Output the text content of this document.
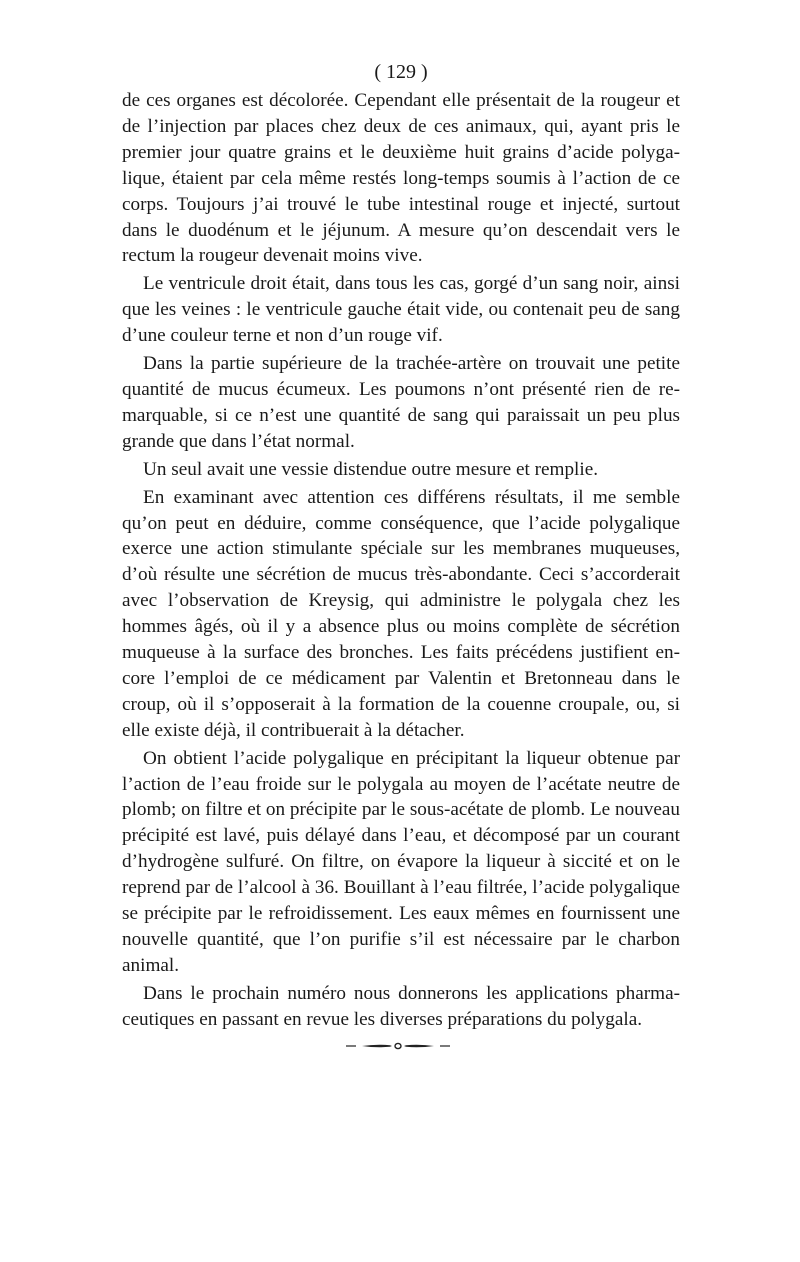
( 129 )

de ces organes est décolorée. Cependant elle présentait de la rougeur et de l’injection par places chez deux de ces animaux, qui, ayant pris le premier jour quatre grains et le deuxième huit grains d’acide polygalique, étaient par cela même restés long-temps soumis à l’action de ce corps. Toujours j’ai trouvé le tube intestinal rouge et injecté, surtout dans le duodénum et le jéjunum. A mesure qu’on descendait vers le rectum la rougeur devenait moins vive.

Le ventricule droit était, dans tous les cas, gorgé d’un sang noir, ainsi que les veines : le ventricule gauche était vide, ou contenait peu de sang d’une couleur terne et non d’un rouge vif.

Dans la partie supérieure de la trachée-artère on trouvait une petite quantité de mucus écumeux. Les poumons n’ont présenté rien de remarquable, si ce n’est une quantité de sang qui paraissait un peu plus grande que dans l’état normal.

Un seul avait une vessie distendue outre mesure et remplie.

En examinant avec attention ces différens résultats, il me semble qu’on peut en déduire, comme conséquence, que l’acide polygalique exerce une action stimulante spéciale sur les membranes muqueuses, d’où résulte une sécrétion de mucus très-abondante. Ceci s’accorderait avec l’observation de Kreysig, qui administre le polygala chez les hommes âgés, où il y a absence plus ou moins complète de sécrétion muqueuse à la surface des bronches. Les faits précédens justifient encore l’emploi de ce médicament par Valentin et Bretonneau dans le croup, où il s’opposerait à la formation de la couenne croupale, ou, si elle existe déjà, il contribuerait à la détacher.

On obtient l’acide polygalique en précipitant la liqueur obtenue par l’action de l’eau froide sur le polygala au moyen de l’acétate neutre de plomb; on filtre et on précipite par le sous-acétate de plomb. Le nouveau précipité est lavé, puis délayé dans l’eau, et décomposé par un courant d’hydrogène sulfuré. On filtre, on évapore la liqueur à siccité et on le reprend par de l’alcool à 36. Bouillant à l’eau filtrée, l’acide polygalique se précipite par le refroidissement. Les eaux mêmes en fournissent une nouvelle quantité, que l’on purifie s’il est nécessaire par le charbon animal.

Dans le prochain numéro nous donnerons les applications pharmaceutiques en passant en revue les diverses préparations du polygala.
